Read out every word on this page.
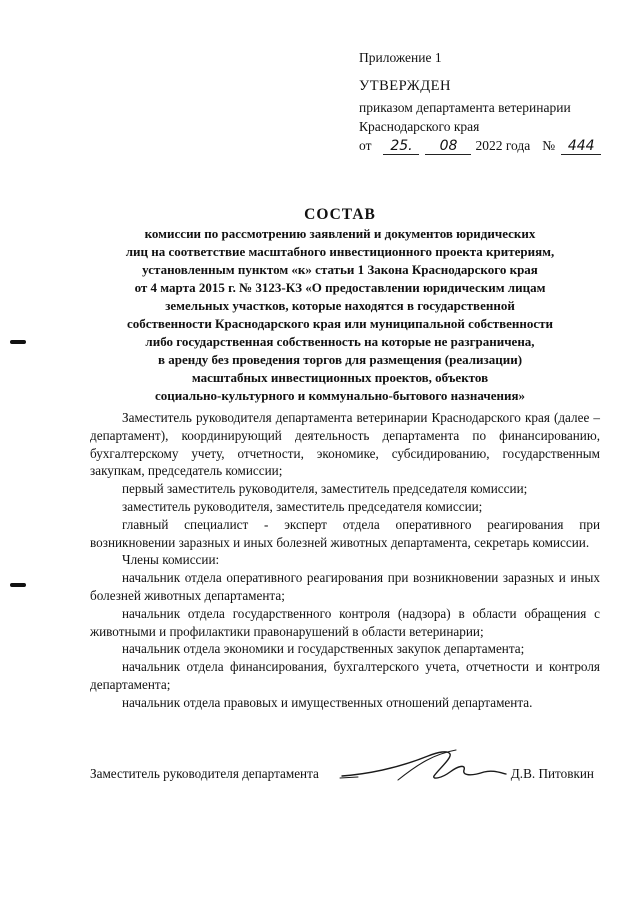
Приложение 1
УТВЕРЖДЕН
приказом департамента ветеринарии
Краснодарского края
от	25.	08	2022 года № 444
СОСТАВ
комиссии по рассмотрению заявлений и документов юридических
лиц на соответствие масштабного инвестиционного проекта критериям,
установленным пунктом «к» статьи 1 Закона Краснодарского края
от 4 марта 2015 г. № 3123-КЗ «О предоставлении юридическим лицам
земельных участков, которые находятся в государственной
собственности Краснодарского края или муниципальной собственности
либо государственная собственность на которые не разграничена,
в аренду без проведения торгов для размещения (реализации)
масштабных инвестиционных проектов, объектов
социально-культурного и коммунально-бытового назначения»

Заместитель руководителя департамента ветеринарии Краснодарского края (далее – департамент), координирующий деятельность департамента по финансированию, бухгалтерскому учету, отчетности, экономике, субсидированию, государственным закупкам, председатель комиссии;

первый заместитель руководителя, заместитель председателя комиссии;

заместитель руководителя, заместитель председателя комиссии;

главный специалист - эксперт отдела оперативного реагирования при возникновении заразных и иных болезней животных департамента, секретарь комиссии.

Члены комиссии:

начальник отдела оперативного реагирования при возникновении заразных и иных болезней животных департамента;

начальник отдела государственного контроля (надзора) в области обращения с животными и профилактики правонарушений в области ветеринарии;

начальник отдела экономики и государственных закупок департамента;

начальник отдела финансирования, бухгалтерского учета, отчетности и контроля департамента;

начальник отдела правовых и имущественных отношений департамента.

Заместитель руководителя департамента	Д.В. Питовкин
